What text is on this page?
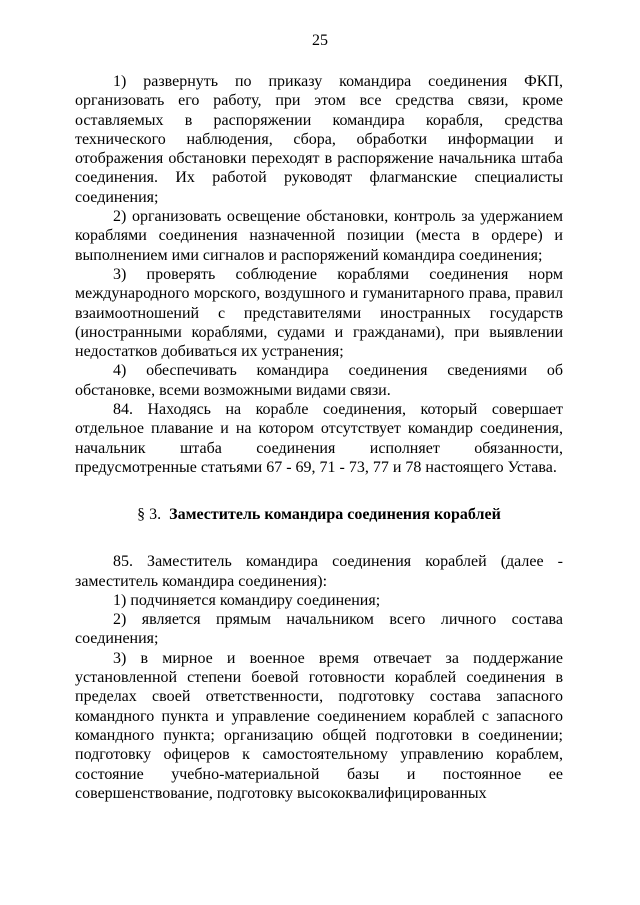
25

1) развернуть по приказу командира соединения ФКП, организовать его работу, при этом все средства связи, кроме оставляемых в распоряжении командира корабля, средства технического наблюдения, сбора, обработки информации и отображения обстановки переходят в распоряжение начальника штаба соединения. Их работой руководят флагманские специалисты соединения;

2) организовать освещение обстановки, контроль за удержанием кораблями соединения назначенной позиции (места в ордере) и выполнением ими сигналов и распоряжений командира соединения;

3) проверять соблюдение кораблями соединения норм международного морского, воздушного и гуманитарного права, правил взаимоотношений с представителями иностранных государств (иностранными кораблями, судами и гражданами), при выявлении недостатков добиваться их устранения;

4) обеспечивать командира соединения сведениями об обстановке, всеми возможными видами связи.

84. Находясь на корабле соединения, который совершает отдельное плавание и на котором отсутствует командир соединения, начальник штаба соединения исполняет обязанности, предусмотренные статьями 67 - 69, 71 - 73, 77 и 78 настоящего Устава.

§ 3. Заместитель командира соединения кораблей

85. Заместитель командира соединения кораблей (далее - заместитель командира соединения):

1) подчиняется командиру соединения;

2) является прямым начальником всего личного состава соединения;

3) в мирное и военное время отвечает за поддержание установленной степени боевой готовности кораблей соединения в пределах своей ответственности, подготовку состава запасного командного пункта и управление соединением кораблей с запасного командного пункта; организацию общей подготовки в соединении; подготовку офицеров к самостоятельному управлению кораблем, состояние учебно-материальной базы и постоянное ее совершенствование, подготовку высококвалифицированных
